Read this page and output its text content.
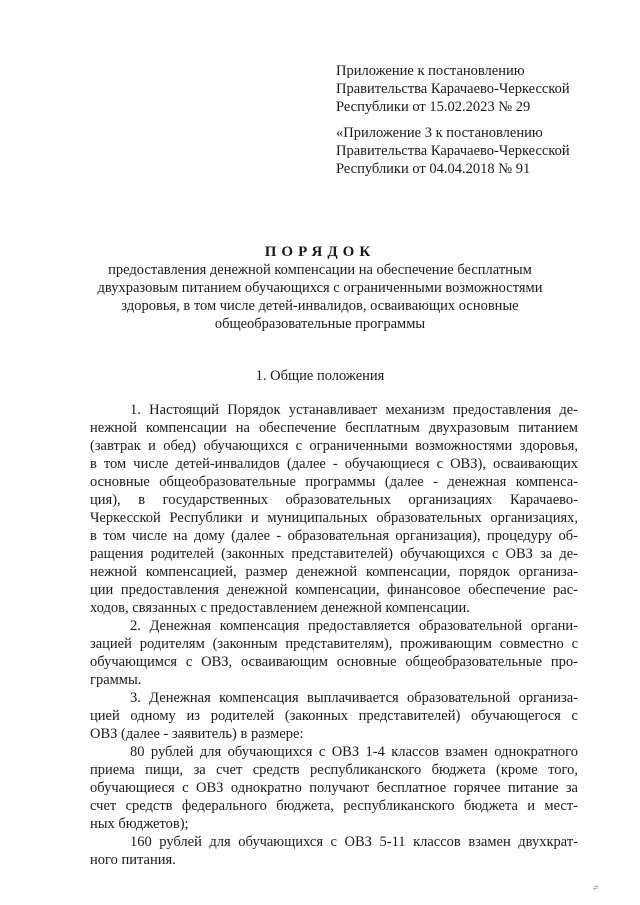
Приложение к постановлению

Правительства Карачаево-Черкесской

Республики от 15.02.2023 № 29

«Приложение 3 к постановлению

Правительства Карачаево-Черкесской

Республики от 04.04.2018 № 91

ПОРЯДОК

предоставления денежной компенсации на обеспечение бесплатным

двухразовым питанием обучающихся с ограниченными возможностями

здоровья, в том числе детей-инвалидов, осваивающих основные

общеобразовательные программы

1. Общие положения

1. Настоящий Порядок устанавливает механизм предоставления де-

нежной компенсации на обеспечение бесплатным двухразовым питанием

(завтрак и обед) обучающихся с ограниченными возможностями здоровья,

в том числе детей-инвалидов (далее - обучающиеся с ОВЗ), осваивающих

основные общеобразовательные программы (далее - денежная компенса-

ция), в государственных образовательных организациях Карачаево-

Черкесской Республики и муниципальных образовательных организациях,

в том числе на дому (далее - образовательная организация), процедуру об-

ращения родителей (законных представителей) обучающихся с ОВЗ за де-

нежной компенсацией, размер денежной компенсации, порядок организа-

ции предоставления денежной компенсации, финансовое обеспечение рас-

ходов, связанных с предоставлением денежной компенсации.

2. Денежная компенсация предоставляется образовательной органи-

зацией родителям (законным представителям), проживающим совместно с

обучающимся с ОВЗ, осваивающим основные общеобразовательные про-

граммы.

3. Денежная компенсация выплачивается образовательной организа-

цией одному из родителей (законных представителей) обучающегося с

ОВЗ (далее - заявитель) в размере:

80 рублей для обучающихся с ОВЗ 1-4 классов взамен однократного

приема пищи, за счет средств республиканского бюджета (кроме того,

обучающиеся с ОВЗ однократно получают бесплатное горячее питание за

счет средств федерального бюджета, республиканского бюджета и мест-

ных бюджетов);

160 рублей для обучающихся с ОВЗ 5-11 классов взамен двухкрат-

ного питания.

≠
